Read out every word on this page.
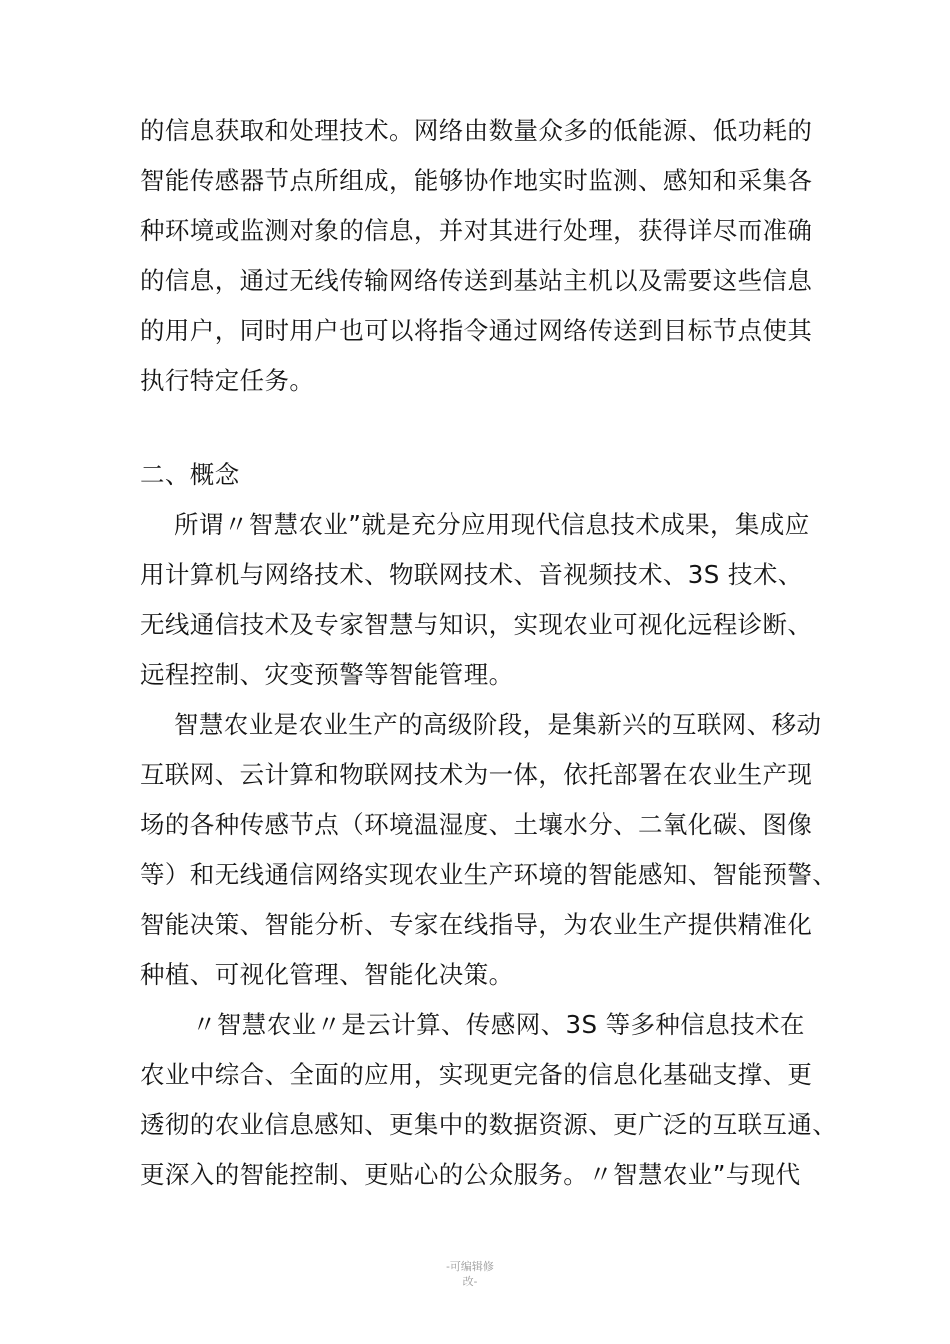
的信息获取和处理技术。网络由数量众多的低能源、低功耗的
智能传感器节点所组成，能够协作地实时监测、感知和采集各
种环境或监测对象的信息，并对其进行处理，获得详尽而准确
的信息，通过无线传输网络传送到基站主机以及需要这些信息
的用户，同时用户也可以将指令通过网络传送到目标节点使其
执行特定任务。
二、概念
所谓〃智慧农业”就是充分应用现代信息技术成果，集成应
用计算机与网络技术、物联网技术、音视频技术、3S 技术、
无线通信技术及专家智慧与知识，实现农业可视化远程诊断、
远程控制、灾变预警等智能管理。
智慧农业是农业生产的高级阶段，是集新兴的互联网、移动
互联网、云计算和物联网技术为一体，依托部署在农业生产现
场的各种传感节点（环境温湿度、土壤水分、二氧化碳、图像
等）和无线通信网络实现农业生产环境的智能感知、智能预警、
智能决策、智能分析、专家在线指导，为农业生产提供精准化
种植、可视化管理、智能化决策。
〃智慧农业〃是云计算、传感网、3S 等多种信息技术在
农业中综合、全面的应用，实现更完备的信息化基础支撑、更
透彻的农业信息感知、更集中的数据资源、更广泛的互联互通、
更深入的智能控制、更贴心的公众服务。〃智慧农业”与现代
-可编辑修
改-
